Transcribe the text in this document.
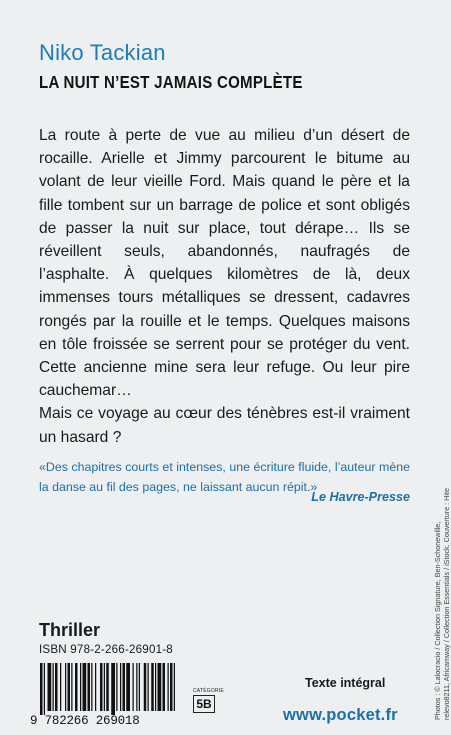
Niko Tackian
LA NUIT N’EST JAMAIS COMPLÈTE

La route à perte de vue au milieu d’un désert de rocaille. Arielle et Jimmy parcourent le bitume au volant de leur vieille Ford. Mais quand le père et la fille tombent sur un barrage de police et sont obligés de passer la nuit sur place, tout dérape… Ils se réveillent seuls, abandonnés, naufragés de l’asphalte. À quelques kilomètres de là, deux immenses tours métalliques se dressent, cadavres rongés par la rouille et le temps. Quelques maisons en tôle froissée se serrent pour se protéger du vent. Cette ancienne mine sera leur refuge. Ou leur pire cauchemar…

Mais ce voyage au cœur des ténèbres est-il vraiment un hasard ?

«Des chapitres courts et intenses, une écriture fluide, l’auteur mène la danse au fil des pages, ne laissant aucun répit.»
Le Havre-Presse
Photos : © Lalocracio / Collection Signature, Ben-Schonewille, relevo8211, Africamway / Collection Essentials / iStock. Couverture : Hite
Thriller
ISBN 978-2-266-26901-8
9 782266 269018
CATÉGORIE
5B
Texte intégral
www.pocket.fr
